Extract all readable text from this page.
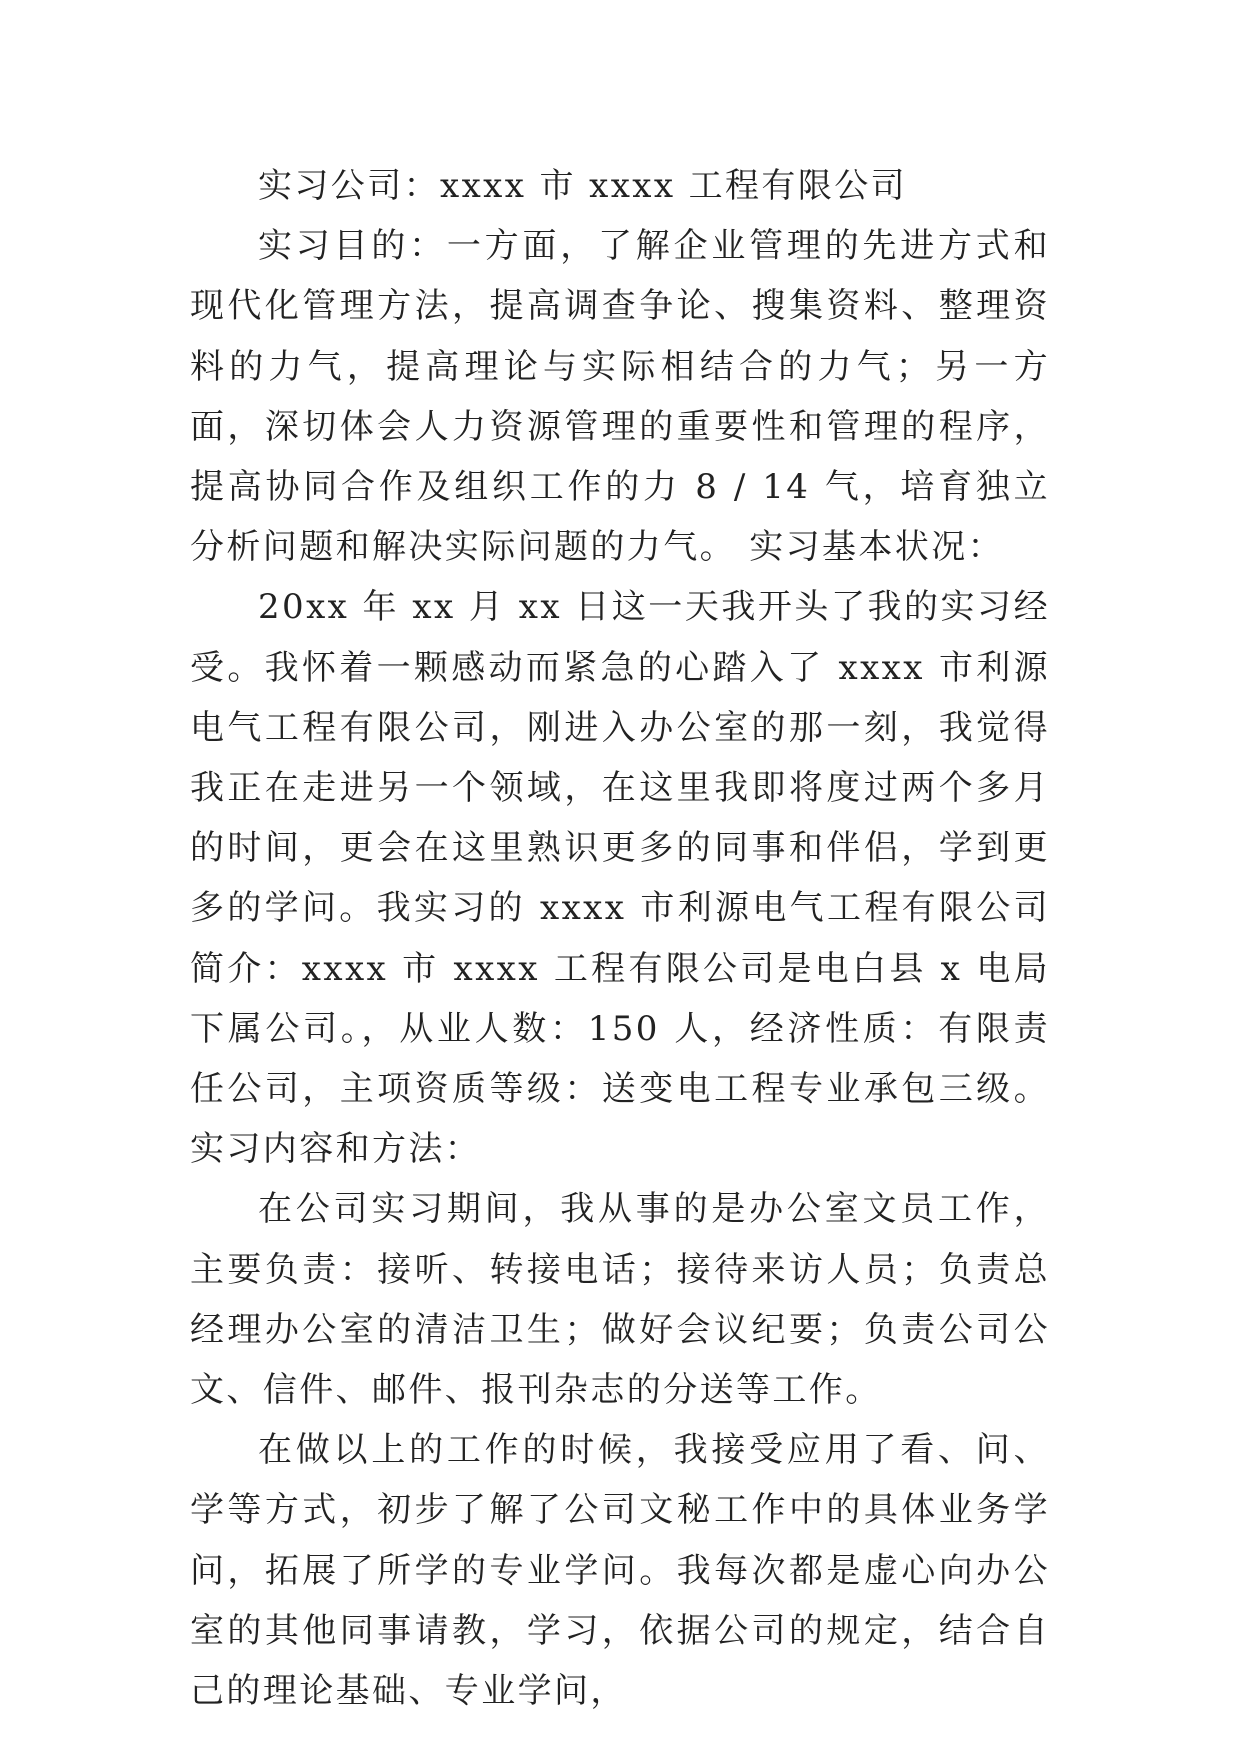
实习公司：xxxx 市 xxxx 工程有限公司

实习目的：一方面，了解企业管理的先进方式和现代化管理方法，提高调查争论、搜集资料、整理资料的力气，提高理论与实际相结合的力气；另一方面，深切体会人力资源管理的重要性和管理的程序，提高协同合作及组织工作的力 8 / 14 气，培育独立分析问题和解决实际问题的力气。 实习基本状况：

20xx 年 xx 月 xx 日这一天我开头了我的实习经受。我怀着一颗感动而紧急的心踏入了 xxxx 市利源电气工程有限公司，刚进入办公室的那一刻，我觉得我正在走进另一个领域，在这里我即将度过两个多月的时间，更会在这里熟识更多的同事和伴侣，学到更多的学问。我实习的 xxxx 市利源电气工程有限公司简介：xxxx 市 xxxx 工程有限公司是电白县 x 电局下属公司。，从业人数：150 人，经济性质：有限责任公司，主项资质等级：送变电工程专业承包三级。 实习内容和方法：

在公司实习期间，我从事的是办公室文员工作，主要负责：接听、转接电话；接待来访人员；负责总经理办公室的清洁卫生；做好会议纪要；负责公司公文、信件、邮件、报刊杂志的分送等工作。

在做以上的工作的时候，我接受应用了看、问、学等方式，初步了解了公司文秘工作中的具体业务学问，拓展了所学的专业学问。我每次都是虚心向办公室的其他同事请教，学习，依据公司的规定，结合自己的理论基础、专业学问，
